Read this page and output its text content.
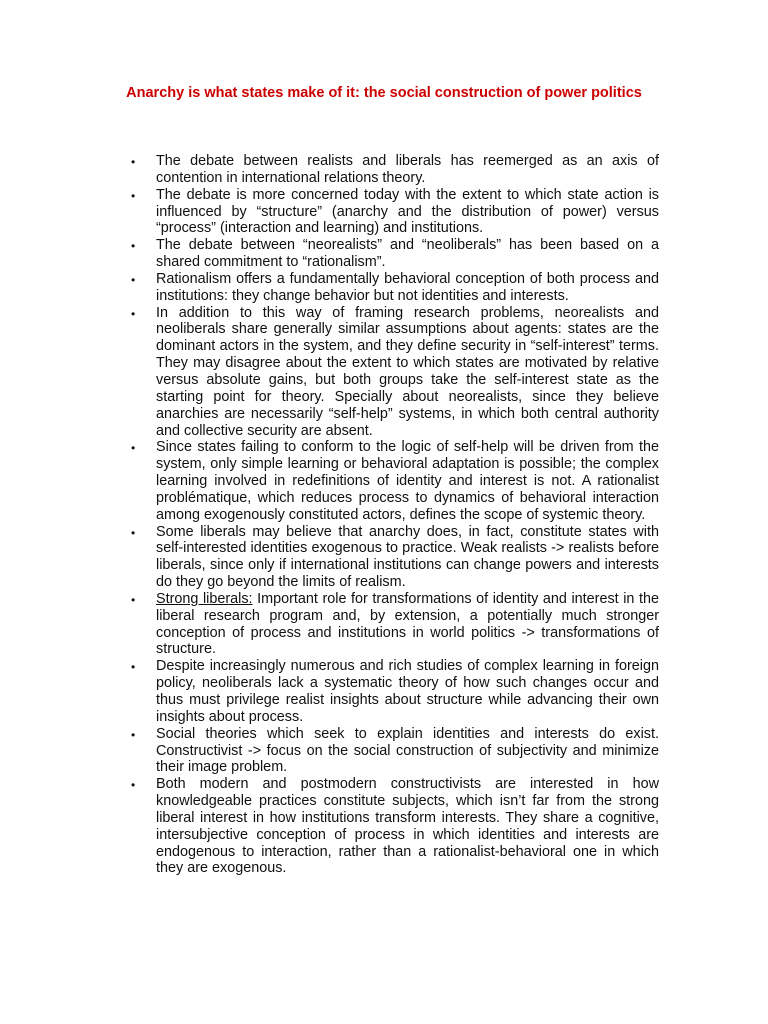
Anarchy is what states make of it: the social construction of power politics
• The debate between realists and liberals has reemerged as an axis of contention in international relations theory.
• The debate is more concerned today with the extent to which state action is influenced by “structure” (anarchy and the distribution of power) versus “process” (interaction and learning) and institutions.
• The debate between “neorealists” and “neoliberals” has been based on a shared commitment to “rationalism”.
• Rationalism offers a fundamentally behavioral conception of both process and institutions: they change behavior but not identities and interests.
• In addition to this way of framing research problems, neorealists and neoliberals share generally similar assumptions about agents: states are the dominant actors in the system, and they define security in “self-interest” terms. They may disagree about the extent to which states are motivated by relative versus absolute gains, but both groups take the self-interest state as the starting point for theory. Specially about neorealists, since they believe anarchies are necessarily “self-help” systems, in which both central authority and collective security are absent.
• Since states failing to conform to the logic of self-help will be driven from the system, only simple learning or behavioral adaptation is possible; the complex learning involved in redefinitions of identity and interest is not. A rationalist problématique, which reduces process to dynamics of behavioral interaction among exogenously constituted actors, defines the scope of systemic theory.
• Some liberals may believe that anarchy does, in fact, constitute states with self-interested identities exogenous to practice. Weak realists -> realists before liberals, since only if international institutions can change powers and interests do they go beyond the limits of realism.
• Strong liberals: Important role for transformations of identity and interest in the liberal research program and, by extension, a potentially much stronger conception of process and institutions in world politics -> transformations of structure.
• Despite increasingly numerous and rich studies of complex learning in foreign policy, neoliberals lack a systematic theory of how such changes occur and thus must privilege realist insights about structure while advancing their own insights about process.
• Social theories which seek to explain identities and interests do exist. Constructivist -> focus on the social construction of subjectivity and minimize their image problem.
• Both modern and postmodern constructivists are interested in how knowledgeable practices constitute subjects, which isn’t far from the strong liberal interest in how institutions transform interests. They share a cognitive, intersubjective conception of process in which identities and interests are endogenous to interaction, rather than a rationalist-behavioral one in which they are exogenous.
